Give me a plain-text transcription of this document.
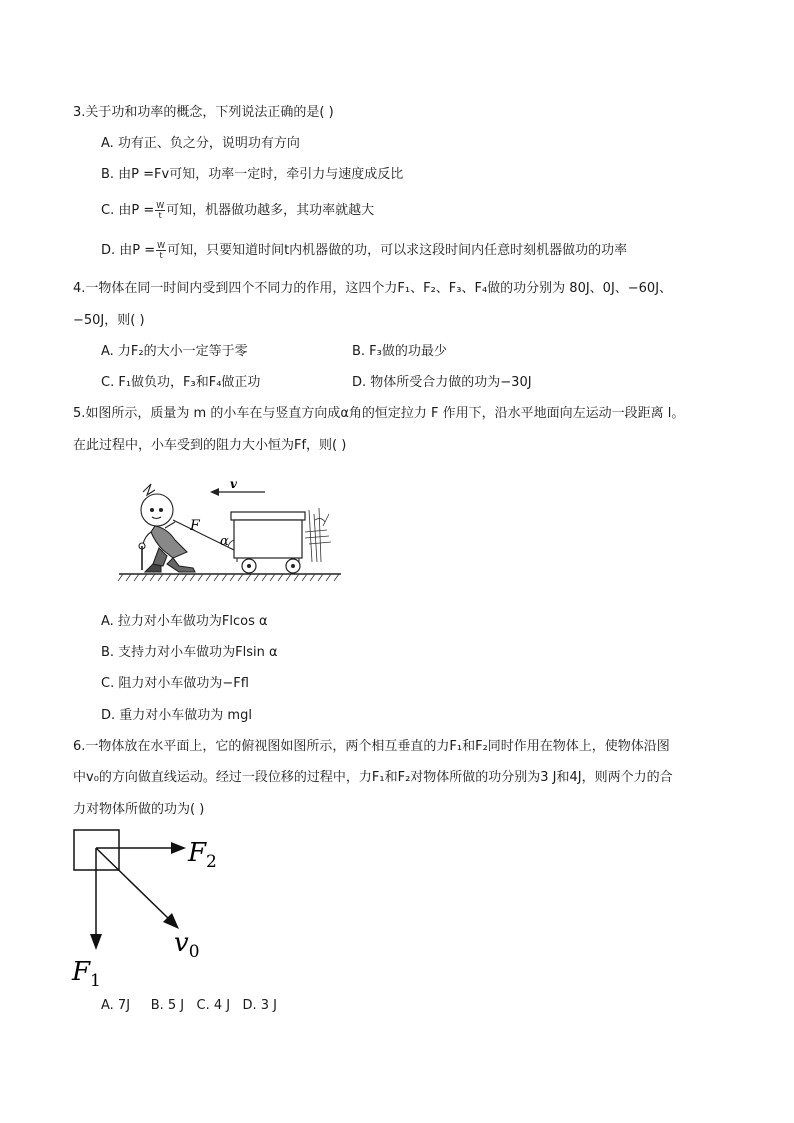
3.关于功和功率的概念，下列说法正确的是( )
A. 功有正、负之分，说明功有方向
B. 由P =Fv可知，功率一定时，牵引力与速度成反比
C. 由$P = \frac{W}{t}$ 可知，机器做功越多，其功率就越大
D. 由$P = \frac{W}{t}$ 可知，只要知道时间t内机器做的功，可以求这段时间内任意时刻机器做功的功率
4.一物体在同一时间内受到四个不同力的作用，这四个力F₁、F₂、F₃、F₄做的功分别为 80J、0J、−60J、
−50J，则( )
A. 力F₂的大小一定等于零	B. F₃做的功最少
C. F₁做负功，F₃和F₄做正功	D. 物体所受合力做的功为−30J
5.如图所示，质量为 m 的小车在与竖直方向成α角的恒定拉力 F 作用下，沿水平地面向左运动一段距离 l。
在此过程中，小车受到的阻力大小恒为Ff，则( )
v
α
F
A. 拉力对小车做功为Flcos α
B. 支持力对小车做功为Flsin α
C. 阻力对小车做功为−Ffl
D. 重力对小车做功为 mgl
6.一物体放在水平面上，它的俯视图如图所示，两个相互垂直的力F₁和F₂同时作用在物体上，使物体沿图
中v₀的方向做直线运动。经过一段位移的过程中，力F₁和F₂对物体所做的功分别为3 J和4J，则两个力的合
力对物体所做的功为( )
$F_2$
$v_0$
$F_1$
A. 7J     B. 5 J   C. 4 J   D. 3 J
